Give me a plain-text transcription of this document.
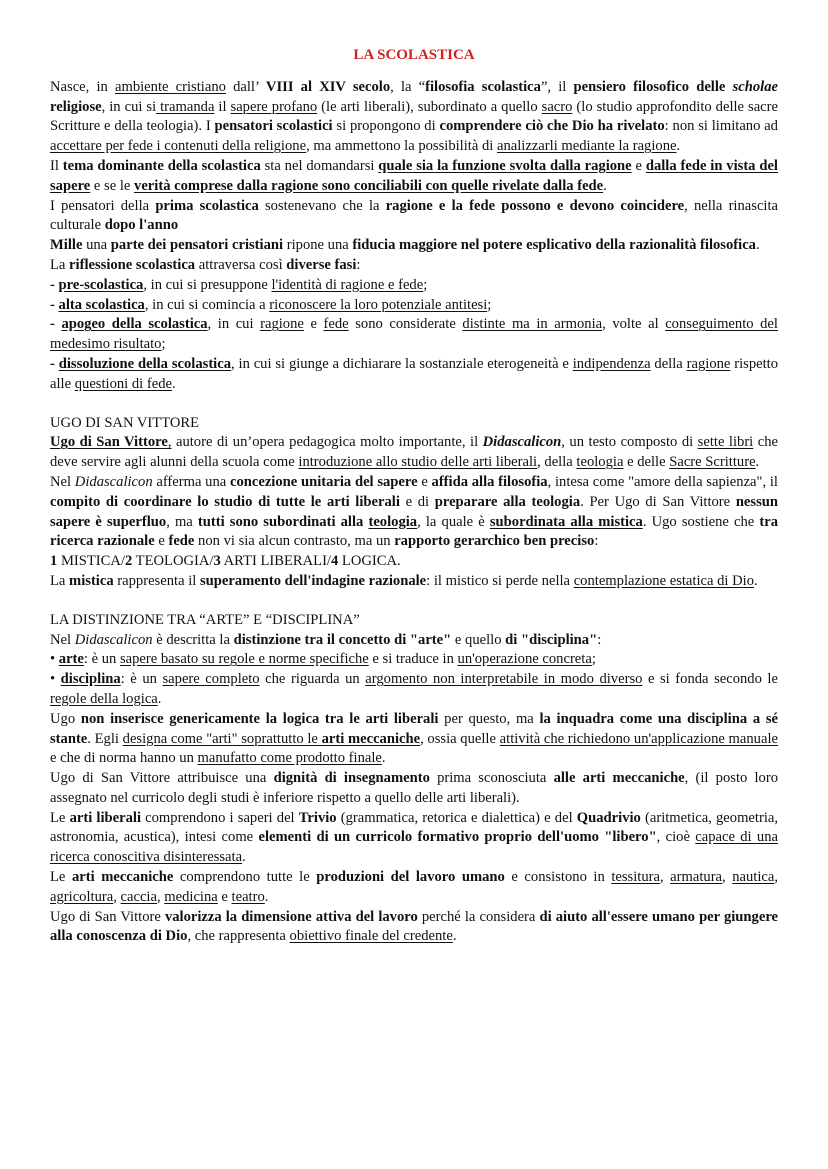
LA SCOLASTICA

Nasce, in ambiente cristiano dall’ VIII al XIV secolo, la “filosofia scolastica”, il pensiero filosofico delle scholae religiose, in cui si tramanda il sapere profano (le arti liberali), subordinato a quello sacro (lo studio approfondito delle sacre Scritture e della teologia). I pensatori scolastici si propongono di comprendere ciò che Dio ha rivelato: non si limitano ad accettare per fede i contenuti della religione, ma ammettono la possibilità di analizzarli mediante la ragione.

Il tema dominante della scolastica sta nel domandarsi quale sia la funzione svolta dalla ragione e dalla fede in vista del sapere e se le verità comprese dalla ragione sono conciliabili con quelle rivelate dalla fede.

I pensatori della prima scolastica sostenevano che la ragione e la fede possono e devono coincidere, nella rinascita culturale dopo l'anno

Mille una parte dei pensatori cristiani ripone una fiducia maggiore nel potere esplicativo della razionalità filosofica.

La riflessione scolastica attraversa così diverse fasi:

- pre-scolastica, in cui si presuppone l'identità di ragione e fede;

- alta scolastica, in cui si comincia a riconoscere la loro potenziale antitesi;

- apogeo della scolastica, in cui ragione e fede sono considerate distinte ma in armonia, volte al conseguimento del medesimo risultato;

- dissoluzione della scolastica, in cui si giunge a dichiarare la sostanziale eterogeneità e indipendenza della ragione rispetto alle questioni di fede.

UGO DI SAN VITTORE

Ugo di San Vittore, autore di un’opera pedagogica molto importante, il Didascalicon, un testo composto di sette libri che deve servire agli alunni della scuola come introduzione allo studio delle arti liberali, della teologia e delle Sacre Scritture.

Nel Didascalicon afferma una concezione unitaria del sapere e affida alla filosofia, intesa come "amore della sapienza", il compito di coordinare lo studio di tutte le arti liberali e di preparare alla teologia. Per Ugo di San Vittore nessun sapere è superfluo, ma tutti sono subordinati alla teologia, la quale è subordinata alla mistica. Ugo sostiene che tra ricerca razionale e fede non vi sia alcun contrasto, ma un rapporto gerarchico ben preciso:

1 MISTICA/2 TEOLOGIA/3 ARTI LIBERALI/4 LOGICA.

La mistica rappresenta il superamento dell'indagine razionale: il mistico si perde nella contemplazione estatica di Dio.

LA DISTINZIONE TRA “ARTE” E “DISCIPLINA”

Nel Didascalicon è descritta la distinzione tra il concetto di "arte" e quello di "disciplina":

• arte: è un sapere basato su regole e norme specifiche e si traduce in un'operazione concreta;

• disciplina: è un sapere completo che riguarda un argomento non interpretabile in modo diverso e si fonda secondo le regole della logica.

Ugo non inserisce genericamente la logica tra le arti liberali per questo, ma la inquadra come una disciplina a sé stante. Egli designa come "arti" soprattutto le arti meccaniche, ossia quelle attività che richiedono un'applicazione manuale e che di norma hanno un manufatto come prodotto finale.

Ugo di San Vittore attribuisce una dignità di insegnamento prima sconosciuta alle arti meccaniche, (il posto loro assegnato nel curricolo degli studi è inferiore rispetto a quello delle arti liberali).

Le arti liberali comprendono i saperi del Trivio (grammatica, retorica e dialettica) e del Quadrivio (aritmetica, geometria, astronomia, acustica), intesi come elementi di un curricolo formativo proprio dell'uomo "libero", cioè capace di una ricerca conoscitiva disinteressata.

Le arti meccaniche comprendono tutte le produzioni del lavoro umano e consistono in tessitura, armatura, nautica, agricoltura, caccia, medicina e teatro.

Ugo di San Vittore valorizza la dimensione attiva del lavoro perché la considera di aiuto all'essere umano per giungere alla conoscenza di Dio, che rappresenta obiettivo finale del credente.
